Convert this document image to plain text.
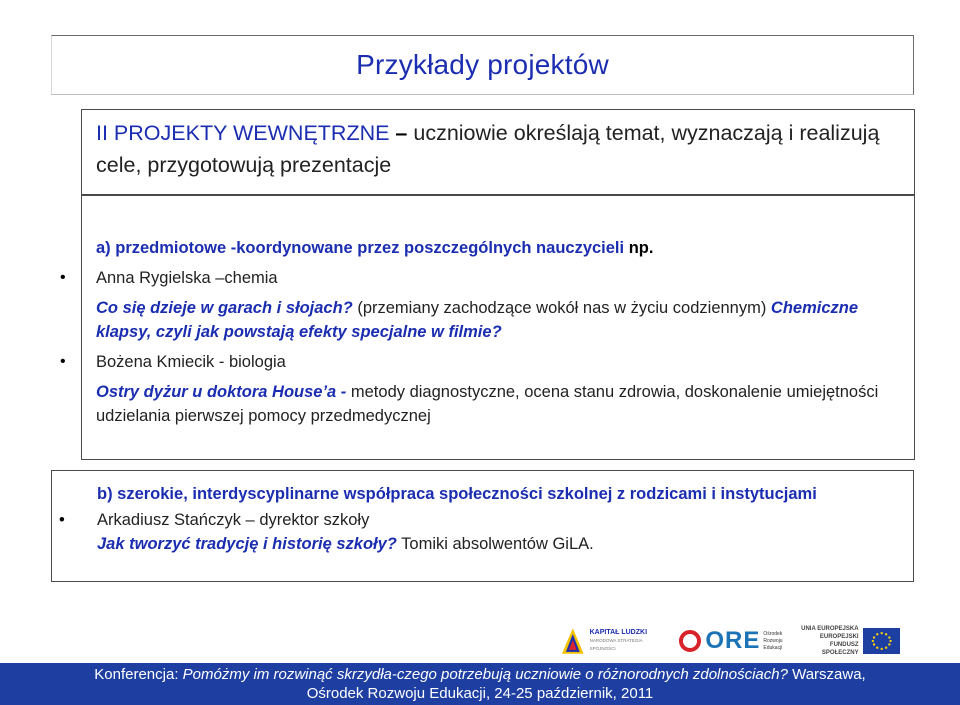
Przykłady projektów
II PROJEKTY WEWNĘTRZNE – uczniowie określają temat, wyznaczają i realizują cele, przygotowują prezentacje
a) przedmiotowe -koordynowane przez poszczególnych nauczycieli np.
• Anna Rygielska –chemia
Co się dzieje w garach i słojach? (przemiany zachodzące wokół nas w życiu codziennym) Chemiczne klapsy, czyli jak powstają efekty specjalne w filmie?
• Bożena Kmiecik - biologia
Ostry dyżur u doktora House’a - metody diagnostyczne, ocena stanu zdrowia, doskonalenie umiejętności udzielania pierwszej pomocy przedmedycznej
b) szerokie, interdyscyplinarne współpraca społeczności szkolnej z rodzicami i instytucjami
• Arkadiusz Stańczyk – dyrektor szkoły
Jak tworzyć tradycję i historię szkoły? Tomiki absolwentów GiLA.
KAPITAŁ LUDZKI
NARODOWA STRATEGIA SPÓJNOŚCI	ORE Ośrodek
Rozwoju
Edukacji
UNIA EUROPEJSKA
EUROPEJSKI
FUNDUSZ SPOŁECZNY
Konferencja: Pomóżmy im rozwinąć skrzydła-czego potrzebują uczniowie o różnorodnych zdolnościach? Warszawa,
Ośrodek Rozwoju Edukacji, 24-25 październik, 2011
